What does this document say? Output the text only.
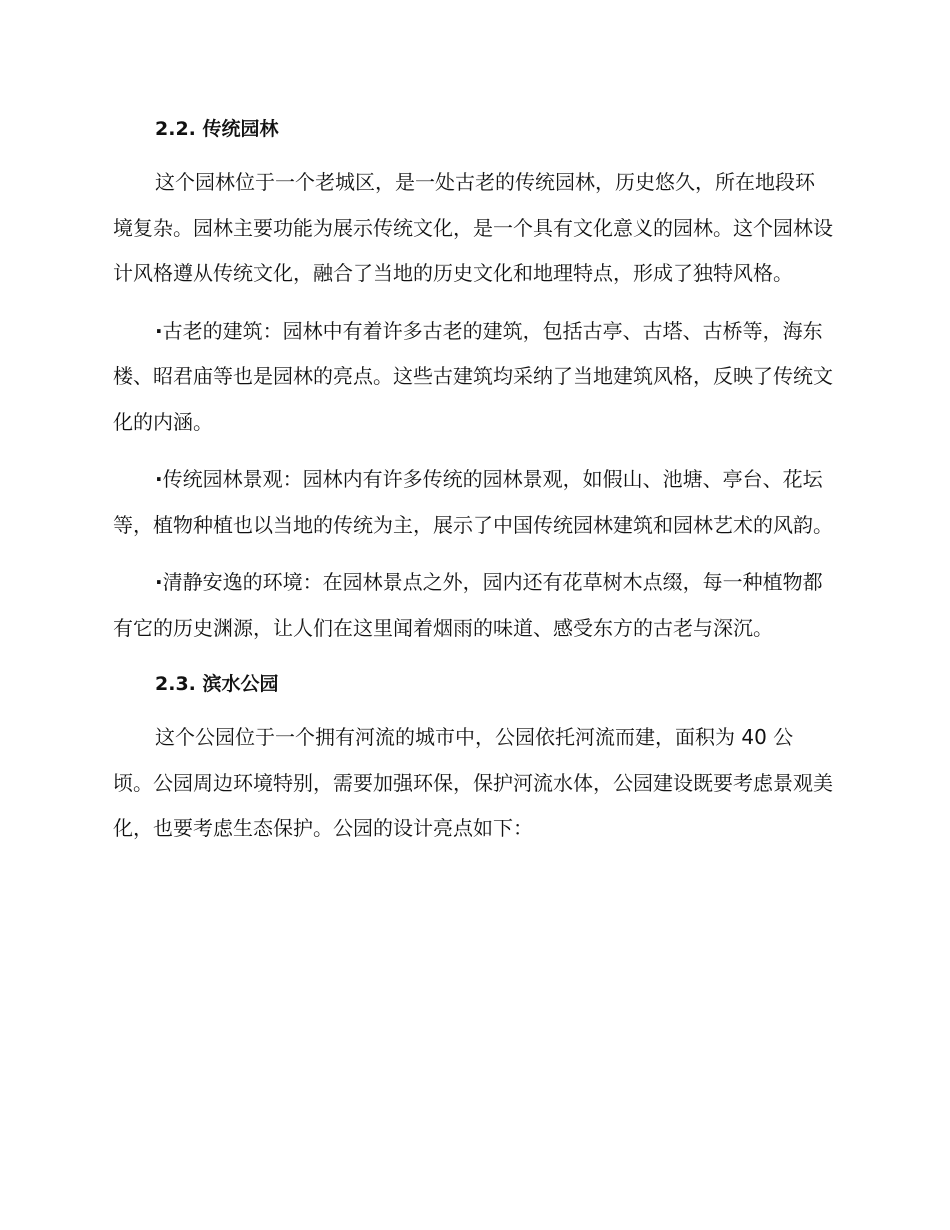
2.2. 传统园林

这个园林位于一个老城区，是一处古老的传统园林，历史悠久，所在地段环境复杂。园林主要功能为展示传统文化，是一个具有文化意义的园林。这个园林设计风格遵从传统文化，融合了当地的历史文化和地理特点，形成了独特风格。

·古老的建筑：园林中有着许多古老的建筑，包括古亭、古塔、古桥等，海东楼、昭君庙等也是园林的亮点。这些古建筑均采纳了当地建筑风格，反映了传统文化的内涵。

·传统园林景观：园林内有许多传统的园林景观，如假山、池塘、亭台、花坛等，植物种植也以当地的传统为主，展示了中国传统园林建筑和园林艺术的风韵。

·清静安逸的环境：在园林景点之外，园内还有花草树木点缀，每一种植物都有它的历史渊源，让人们在这里闻着烟雨的味道、感受东方的古老与深沉。

2.3. 滨水公园

这个公园位于一个拥有河流的城市中，公园依托河流而建，面积为 40 公顷。公园周边环境特别，需要加强环保，保护河流水体，公园建设既要考虑景观美化，也要考虑生态保护。公园的设计亮点如下：
